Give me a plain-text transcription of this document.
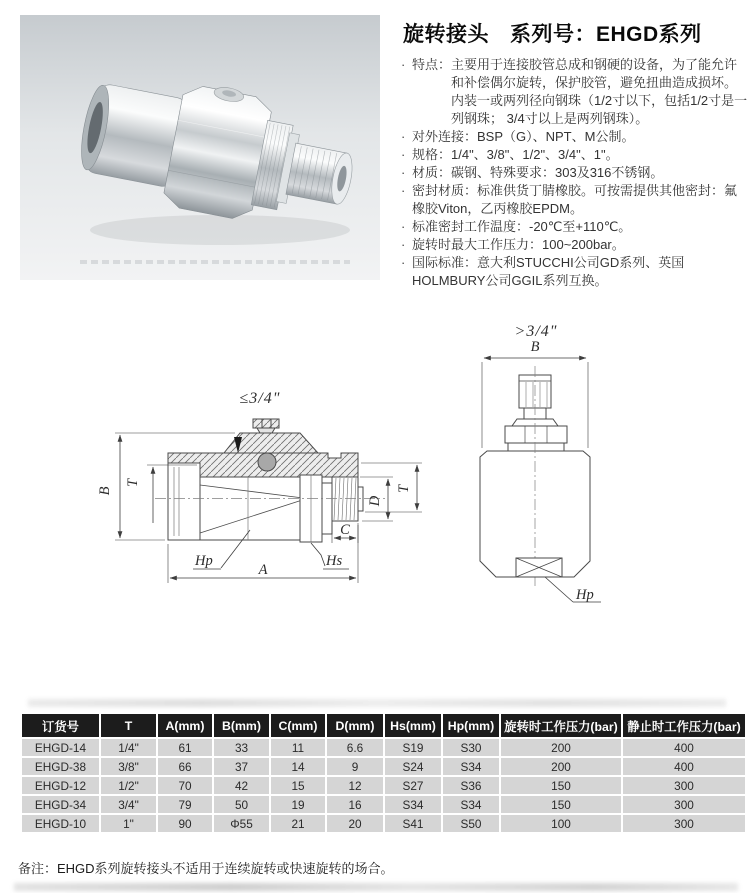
旋转接头 系列号：EHGD系列
· 特点： 主要用于连接胶管总成和钢硬的设备，为了能允许和补偿偶尔旋转，保护胶管，避免扭曲造成损坏。内装一或两列径向钢珠（1/2寸以下，包括1/2寸是一列钢珠； 3/4寸以上是两列钢珠）。
· 对外连接：BSP（G）、NPT、M公制。
· 规格：1/4"、3/8"、1/2"、3/4"、1"。
· 材质：碳钢、特殊要求：303及316不锈钢。
· 密封材质：标准供货丁腈橡胶。可按需提供其他密封：氟橡胶Viton，乙丙橡胶EPDM。
· 标准密封工作温度：-20℃至+110℃。
· 旋转时最大工作压力：100~200bar。
· 国际标准：意大利STUCCHI公司GD系列、英国HOLMBURY公司GGIL系列互换。
≤3/4"
B
T
D
T
C
Hs
Hp
A
>3/4"
B
Hp
订货号	T	A(mm)	B(mm)	C(mm)	D(mm)	Hs(mm)	Hp(mm)	旋转时工作压力(bar)	静止时工作压力(bar)
EHGD-14	1/4"	61	33	11	6.6	S19	S30	200	400
EHGD-38	3/8"	66	37	14	9	S24	S34	200	400
EHGD-12	1/2"	70	42	15	12	S27	S36	150	300
EHGD-34	3/4"	79	50	19	16	S34	S34	150	300
EHGD-10	1"	90	Φ55	21	20	S41	S50	100	300
备注：EHGD系列旋转接头不适用于连续旋转或快速旋转的场合。
